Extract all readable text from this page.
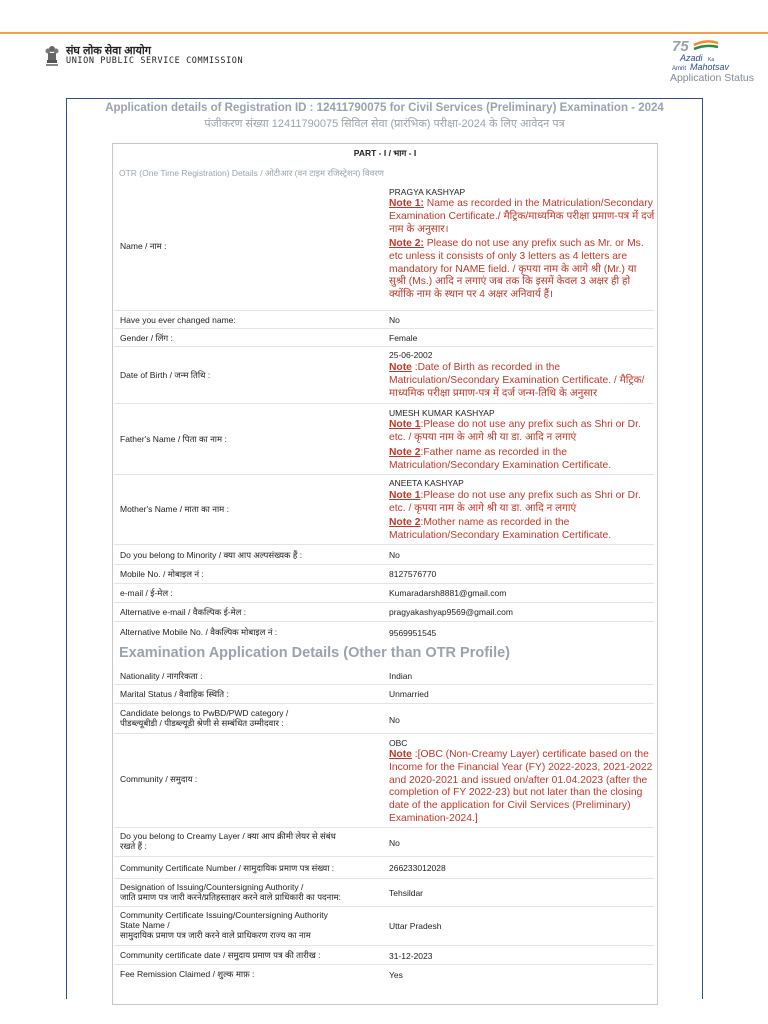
संघ लोक सेवा आयोग
UNION PUBLIC SERVICE COMMISSION
75
Azadi Ka
Amrit Mahotsav
Application Status
Application details of Registration ID : 12411790075 for Civil Services (Preliminary) Examination - 2024
पंजीकरण संख्या 12411790075 सिविल सेवा (प्रारंभिक) परीक्षा-2024 के लिए आवेदन पत्र
PART - I / भाग - I
OTR (One Time Registration) Details / ओटीआर (वन टाइम रजिस्ट्रेशन) विवरण
Name / नाम :
PRAGYA KASHYAP
Note 1: Name as recorded in the Matriculation/Secondary Examination Certificate./ मैट्रिक/माध्यमिक परीक्षा प्रमाण-पत्र में दर्ज नाम के अनुसार।
Note 2: Please do not use any prefix such as Mr. or Ms. etc unless it consists of only 3 letters as 4 letters are mandatory for NAME field. / कृपया नाम के आगे श्री (Mr.) या सुश्री (Ms.) आदि न लगाएं जब तक कि इसमें केवल 3 अक्षर ही हो क्योंकि नाम के स्थान पर 4 अक्षर अनिवार्य हैं।
Have you ever changed name:	No
Gender / लिंग :	Female
Date of Birth / जन्म तिथि :
25-06-2002
Note :Date of Birth as recorded in the Matriculation/Secondary Examination Certificate. / मैट्रिक/माध्यमिक परीक्षा प्रमाण-पत्र में दर्ज जन्म-तिथि के अनुसार
Father's Name / पिता का नाम :
UMESH KUMAR KASHYAP
Note 1:Please do not use any prefix such as Shri or Dr. etc. / कृपया नाम के आगे श्री या डा. आदि न लगाएं
Note 2:Father name as recorded in the Matriculation/Secondary Examination Certificate.
Mother's Name / माता का नाम :
ANEETA KASHYAP
Note 1:Please do not use any prefix such as Shri or Dr. etc. / कृपया नाम के आगे श्री या डा. आदि न लगाएं
Note 2:Mother name as recorded in the Matriculation/Secondary Examination Certificate.
Do you belong to Minority / क्या आप अल्पसंख्यक हैं :	No
Mobile No. / मोबाइल नं :	8127576770
e-mail / ई-मेल :	Kumaradarsh8881@gmail.com
Alternative e-mail / वैकल्पिक ई-मेल :	pragyakashyap9569@gmail.com
Alternative Mobile No. / वैकल्पिक मोबाइल नं :	9569951545
Examination Application Details (Other than OTR Profile)
Nationality / नागरिकता :	Indian
Marital Status / वैवाहिक स्थिति :	Unmarried
Candidate belongs to PwBD/PWD category /
पीडब्ल्यूबीडी / पीडब्ल्यूडी श्रेणी से सम्बंधित उम्मीदवार :	No
Community / समुदाय :
OBC
Note :[OBC (Non-Creamy Layer) certificate based on the Income for the Financial Year (FY) 2022-2023, 2021-2022 and 2020-2021 and issued on/after 01.04.2023 (after the completion of FY 2022-23) but not later than the closing date of the application for Civil Services (Preliminary) Examination-2024.]
Do you belong to Creamy Layer / क्या आप क्रीमी लेयर से संबंध
रखते हैं :	No
Community Certificate Number / सामुदायिक प्रमाण पत्र संख्या :	266233012028
Designation of Issuing/Countersigning Authority /
जाति प्रमाण पत्र जारी करने/प्रतिहस्ताक्षर करने वाले प्राधिकारी का पदनाम:	Tehsildar
Community Certificate Issuing/Countersigning Authority
State Name /
सामुदायिक प्रमाण पत्र जारी करने वाले प्राधिकरण राज्य का नाम
Uttar Pradesh
Community certificate date / समुदाय प्रमाण पत्र की तारीख :	31-12-2023
Fee Remission Claimed / शुल्क माफ़ :	Yes
